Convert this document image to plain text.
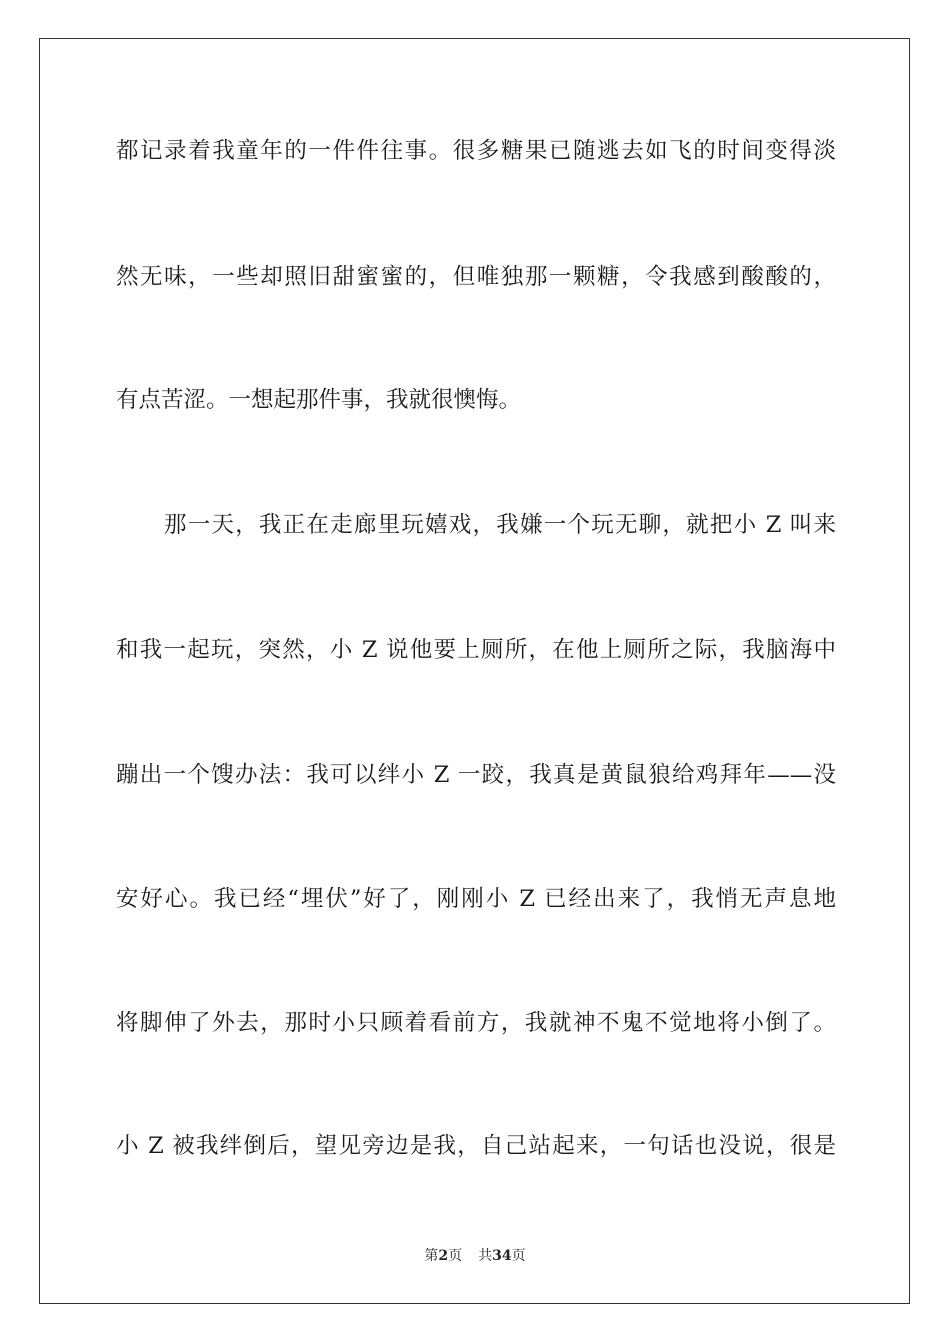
都记录着我童年的一件件往事。很多糖果已随逃去如飞的时间变得淡
然无味，一些却照旧甜蜜蜜的，但唯独那一颗糖，令我感到酸酸的，
有点苦涩。一想起那件事，我就很懊悔。
那一天，我正在走廊里玩嬉戏，我嫌一个玩无聊，就把小 Z 叫来
和我一起玩，突然，小 Z 说他要上厕所，在他上厕所之际，我脑海中
蹦出一个馊办法：我可以绊小 Z 一跤，我真是黄鼠狼给鸡拜年——没
安好心。我已经“埋伏”好了，刚刚小 Z 已经出来了，我悄无声息地
将脚伸了外去，那时小只顾着看前方，我就神不鬼不觉地将小倒了。
小 Z 被我绊倒后，望见旁边是我，自己站起来，一句话也没说，很是
第2页 共34页
